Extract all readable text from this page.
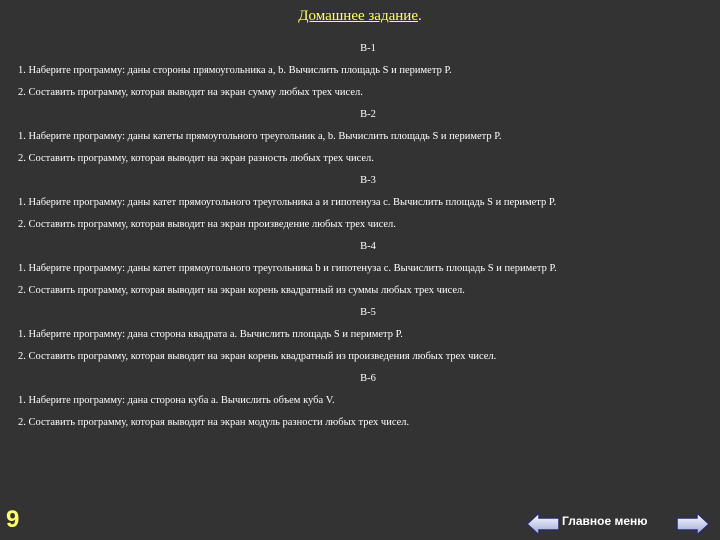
Домашнее задание.
В-1
1. Наберите программу: даны стороны прямоугольника a, b. Вычислить площадь S и периметр P.
2. Составить программу, которая выводит на экран сумму любых трех чисел.
В-2
1. Наберите программу: даны катеты прямоугольного треугольник a, b. Вычислить площадь S и периметр P.
2. Составить программу, которая выводит на экран разность любых трех чисел.
В-3
1. Наберите программу: даны катет прямоугольного треугольника a и гипотенуза с. Вычислить площадь S и периметр P.
2. Составить программу, которая выводит на экран произведение любых трех чисел.
В-4
1. Наберите программу: даны катет прямоугольного треугольника b и гипотенуза с. Вычислить площадь S и периметр P.
2. Составить программу, которая выводит на экран корень квадратный из суммы любых трех чисел.
В-5
1. Наберите программу: дана сторона квадрата a. Вычислить площадь S и периметр P.
2. Составить программу, которая выводит на экран корень квадратный из произведения любых трех чисел.
В-6
1. Наберите программу: дана сторона куба a. Вычислить объем куба V.
2. Составить программу, которая выводит на экран модуль разности любых трех чисел.
9	Главное меню
